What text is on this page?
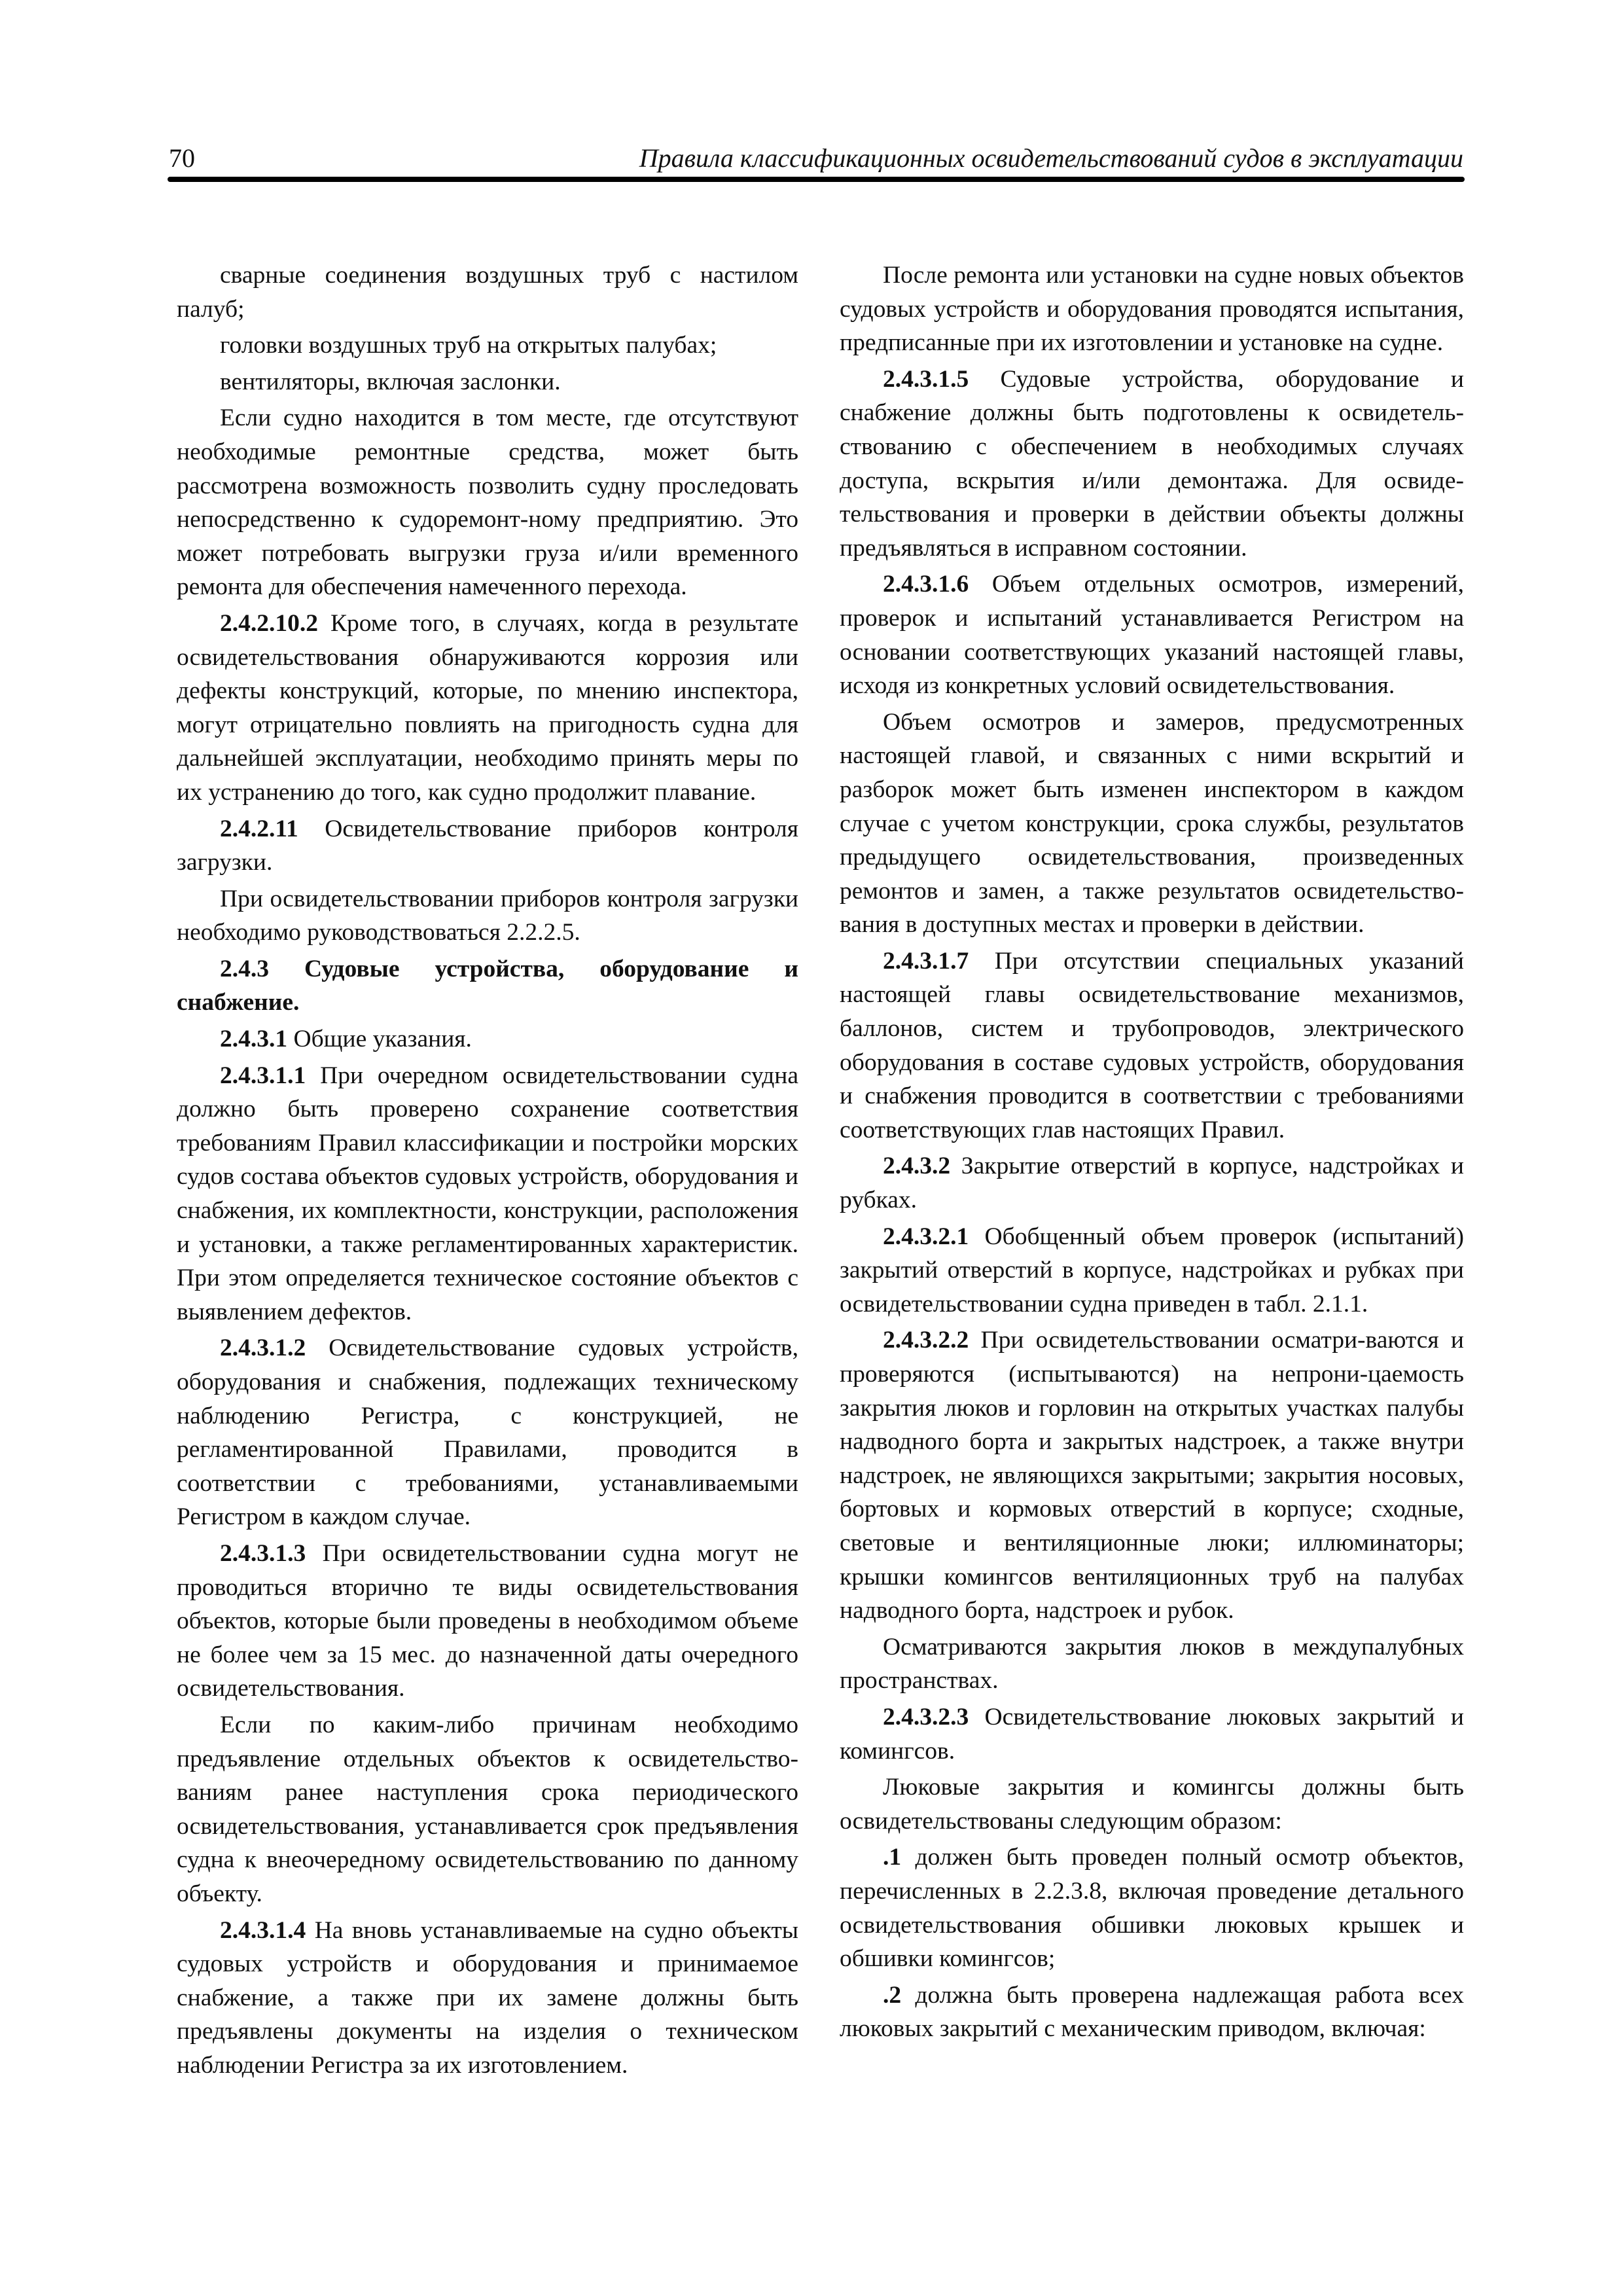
70	Правила классификационных освидетельствований судов в эксплуатации

сварные соединения воздушных труб с настилом палуб;

головки воздушных труб на открытых палубах;

вентиляторы, включая заслонки.

Если судно находится в том месте, где отсутствуют необходимые ремонтные средства, может быть рассмотрена возможность позволить судну проследовать непосредственно к судоремонт-ному предприятию. Это может потребовать выгрузки груза и/или временного ремонта для обеспечения намеченного перехода.

2.4.2.10.2 Кроме того, в случаях, когда в результате освидетельствования обнаруживаются коррозия или дефекты конструкций, которые, по мнению инспектора, могут отрицательно повлиять на пригодность судна для дальнейшей эксплуатации, необходимо принять меры по их устранению до того, как судно продолжит плавание.

2.4.2.11 Освидетельствование приборов контроля загрузки.

При освидетельствовании приборов контроля загрузки необходимо руководствоваться 2.2.2.5.

2.4.3 Судовые устройства, оборудование и снабжение.

2.4.3.1 Общие указания.

2.4.3.1.1 При очередном освидетельствовании судна должно быть проверено сохранение соответствия требованиям Правил классификации и постройки морских судов состава объектов судовых устройств, оборудования и снабжения, их комплектности, конструкции, расположения и установки, а также регламентированных характеристик. При этом определяется техническое состояние объектов с выявлением дефектов.

2.4.3.1.2 Освидетельствование судовых устройств, оборудования и снабжения, подлежащих техническому наблюдению Регистра, с конструкцией, не регламентированной Правилами, проводится в соответствии с требованиями, устанавливаемыми Регистром в каждом случае.

2.4.3.1.3 При освидетельствовании судна могут не проводиться вторично те виды освидетельствования объектов, которые были проведены в необходимом объеме не более чем за 15 мес. до назначенной даты очередного освидетельствования.

Если по каким-либо причинам необходимо предъявление отдельных объектов к освидетельствованиям ранее наступления срока периодического освидетельствования, устанавливается срок предъявления судна к внеочередному освидетельствованию по данному объекту.

2.4.3.1.4 На вновь устанавливаемые на судно объекты судовых устройств и оборудования и принимаемое снабжение, а также при их замене должны быть предъявлены документы на изделия о техническом наблюдении Регистра за их изготовлением.

После ремонта или установки на судне новых объектов судовых устройств и оборудования проводятся испытания, предписанные при их изготовлении и установке на судне.

2.4.3.1.5 Судовые устройства, оборудование и снабжение должны быть подготовлены к освидетельствованию с обеспечением в необходимых случаях доступа, вскрытия и/или демонтажа. Для освидетельствования и проверки в действии объекты должны предъявляться в исправном состоянии.

2.4.3.1.6 Объем отдельных осмотров, измерений, проверок и испытаний устанавливается Регистром на основании соответствующих указаний настоящей главы, исходя из конкретных условий освидетельствования.

Объем осмотров и замеров, предусмотренных настоящей главой, и связанных с ними вскрытий и разборок может быть изменен инспектором в каждом случае с учетом конструкции, срока службы, результатов предыдущего освидетельствования, произведенных ремонтов и замен, а также результатов освидетельствования в доступных местах и проверки в действии.

2.4.3.1.7 При отсутствии специальных указаний настоящей главы освидетельствование механизмов, баллонов, систем и трубопроводов, электрического оборудования в составе судовых устройств, оборудования и снабжения проводится в соответствии с требованиями соответствующих глав настоящих Правил.

2.4.3.2 Закрытие отверстий в корпусе, надстройках и рубках.

2.4.3.2.1 Обобщенный объем проверок (испытаний) закрытий отверстий в корпусе, надстройках и рубках при освидетельствовании судна приведен в табл. 2.1.1.

2.4.3.2.2 При освидетельствовании осматри-ваются и проверяются (испытываются) на непрони-цаемость закрытия люков и горловин на открытых участках палубы надводного борта и закрытых надстроек, а также внутри надстроек, не являющихся закрытыми; закрытия носовых, бортовых и кормовых отверстий в корпусе; сходные, световые и вентиляционные люки; иллюминаторы; крышки комингсов вентиляционных труб на палубах надводного борта, надстроек и рубок.

Осматриваются закрытия люков в междупалубных пространствах.

2.4.3.2.3 Освидетельствование люковых закрытий и комингсов.

Люковые закрытия и комингсы должны быть освидетельствованы следующим образом:

.1 должен быть проведен полный осмотр объектов, перечисленных в 2.2.3.8, включая проведение детального освидетельствования обшивки люковых крышек и обшивки комингсов;

.2 должна быть проверена надлежащая работа всех люковых закрытий с механическим приводом, включая:
